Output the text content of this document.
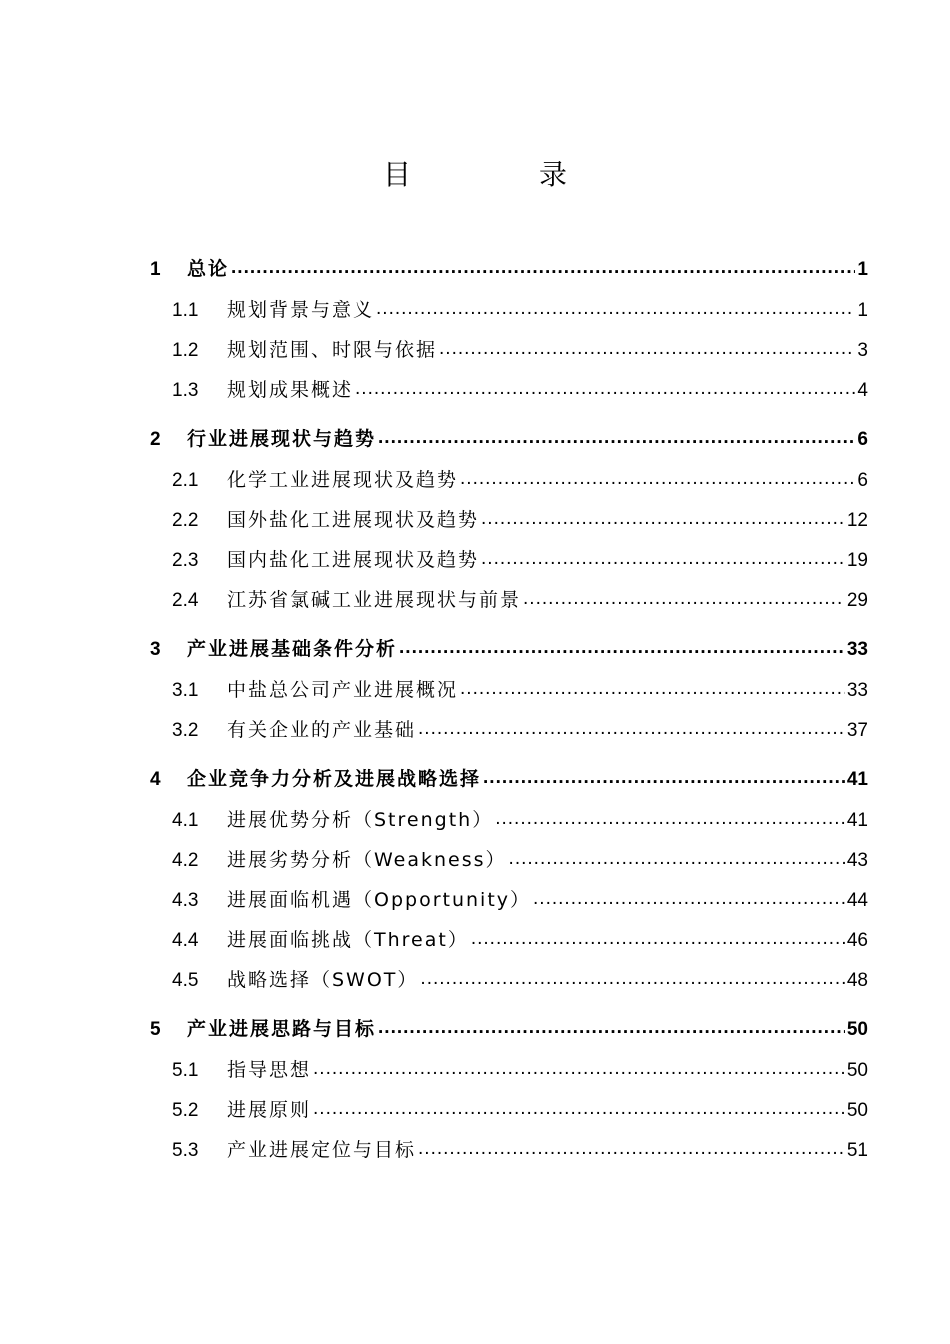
目　录
1	总论 .....	1
1.1	规划背景与意义 .....	1
1.2	规划范围、时限与依据 .....	3
1.3	规划成果概述 .....	4
2	行业进展现状与趋势 .....	6
2.1	化学工业进展现状及趋势 .....	6
2.2	国外盐化工进展现状及趋势 .....	12
2.3	国内盐化工进展现状及趋势 .....	19
2.4	江苏省氯碱工业进展现状与前景 .....	29
3	产业进展基础条件分析 .....	33
3.1	中盐总公司产业进展概况 .....	33
3.2	有关企业的产业基础 .....	37
4	企业竞争力分析及进展战略选择 .....	41
4.1	进展优势分析（Strength） .....	41
4.2	进展劣势分析（Weakness） .....	43
4.3	进展面临机遇（Opportunity） .....	44
4.4	进展面临挑战（Threat） .....	46
4.5	战略选择（SWOT） .....	48
5	产业进展思路与目标 .....	50
5.1	指导思想 .....	50
5.2	进展原则 .....	50
5.3	产业进展定位与目标 .....	51
